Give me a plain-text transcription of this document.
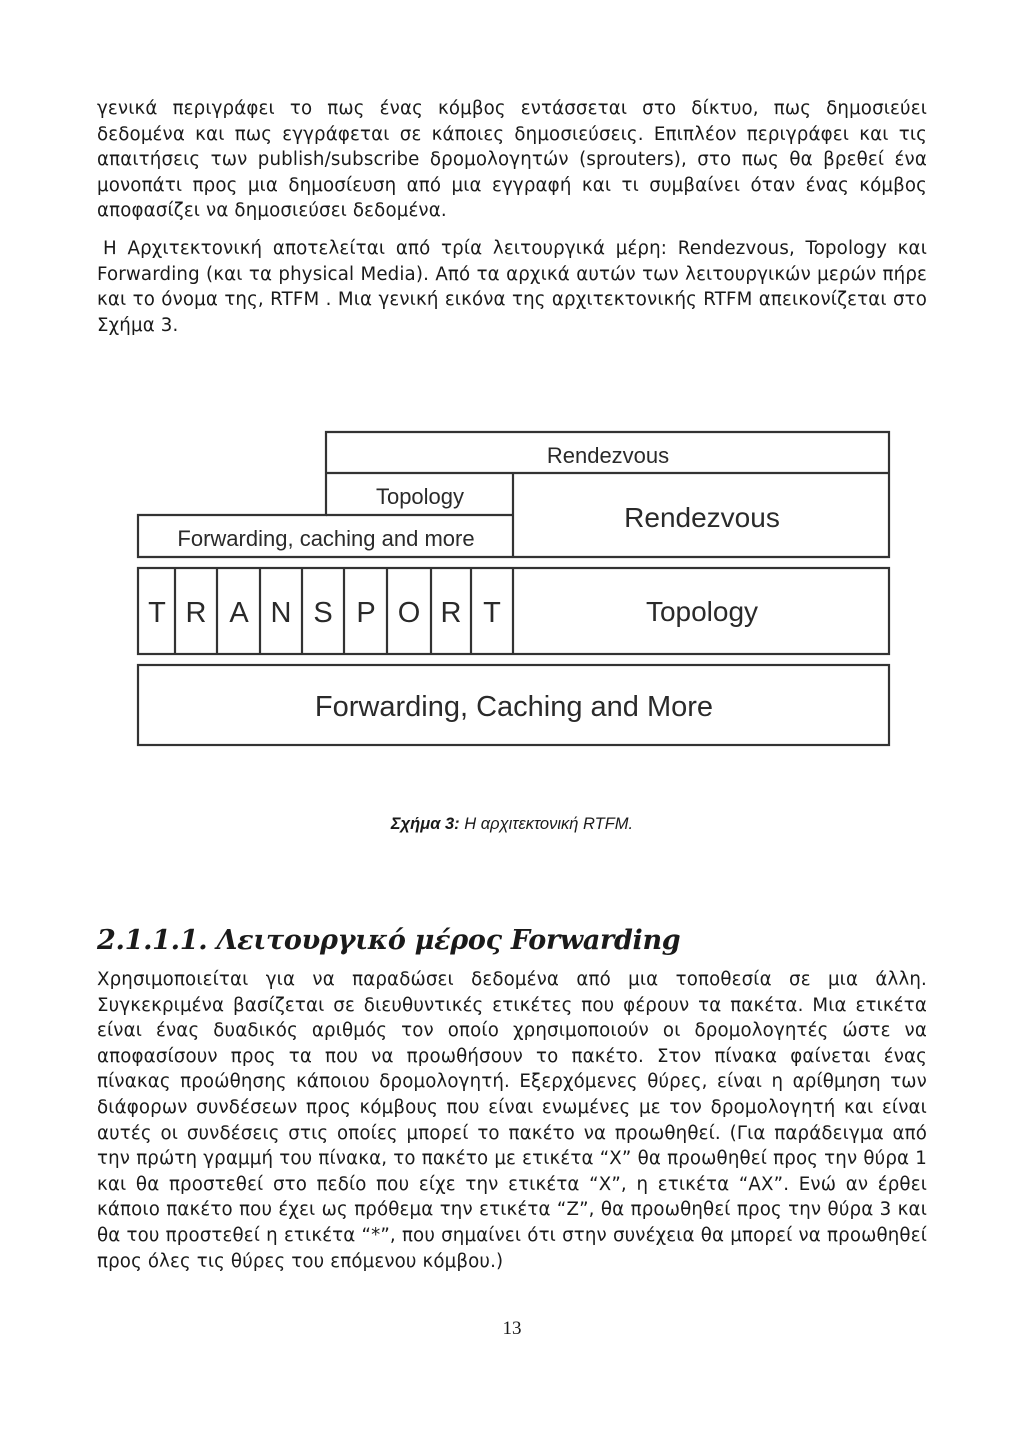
γενικά περιγράφει το πως ένας κόμβος εντάσσεται στο δίκτυο, πως δημοσιεύει δεδομένα και πως εγγράφεται σε κάποιες δημοσιεύσεις. Επιπλέον περιγράφει και τις απαιτήσεις των publish/subscribe δρομολογητών (sprouters), στο πως θα βρεθεί ένα μονοπάτι προς μια δημοσίευση από μια εγγραφή και τι συμβαίνει όταν ένας κόμβος αποφασίζει να δημοσιεύσει δεδομένα.

Η Αρχιτεκτονική αποτελείται από τρία λειτουργικά μέρη: Rendezvous, Topology και Forwarding (και τα physical Media). Από τα αρχικά αυτών των λειτουργικών μερών πήρε και το όνομα της, RTFM . Μια γενική εικόνα της αρχιτεκτονικής RTFM απεικονίζεται στο Σχήμα 3.

Rendezvous
Topology
Forwarding, caching and more
Rendezvous
T R A N S P O R T	Topology
Forwarding, Caching and More
Σχήμα 3: Η αρχιτεκτονική RTFM.
2.1.1.1. Λειτουργικό μέρος Forwarding

Χρησιμοποιείται για να παραδώσει δεδομένα από μια τοποθεσία σε μια άλλη. Συγκεκριμένα βασίζεται σε διευθυντικές ετικέτες που φέρουν τα πακέτα. Μια ετικέτα είναι ένας δυαδικός αριθμός τον οποίο χρησιμοποιούν οι δρομολογητές ώστε να αποφασίσουν προς τα που να προωθήσουν το πακέτο. Στον πίνακα φαίνεται ένας πίνακας προώθησης κάποιου δρομολογητή. Εξερχόμενες θύρες, είναι η αρίθμηση των διάφορων συνδέσεων προς κόμβους που είναι ενωμένες με τον δρομολογητή και είναι αυτές οι συνδέσεις στις οποίες μπορεί το πακέτο να προωθηθεί. (Για παράδειγμα από την πρώτη γραμμή του πίνακα, το πακέτο με ετικέτα “Χ” θα προωθηθεί προς την θύρα 1 και θα προστεθεί στο πεδίο που είχε την ετικέτα “Χ”, η ετικέτα “ΑΧ”. Ενώ αν έρθει κάποιο πακέτο που έχει ως πρόθεμα την ετικέτα “Ζ”, θα προωθηθεί προς την θύρα 3 και θα του προστεθεί η ετικέτα “*”, που σημαίνει ότι στην συνέχεια θα μπορεί να προωθηθεί προς όλες τις θύρες του επόμενου κόμβου.)

13
